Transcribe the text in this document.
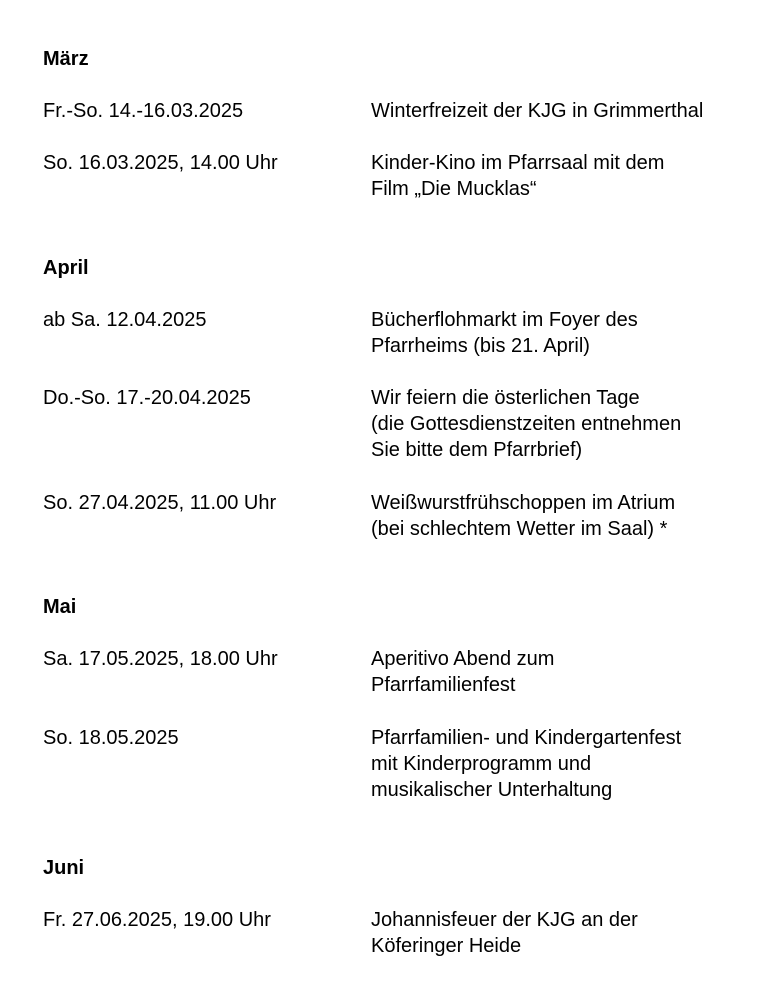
März
Fr.-So. 14.-16.03.2025	Winterfreizeit der KJG in Grimmerthal
So. 16.03.2025, 14.00 Uhr	Kinder-Kino im Pfarrsaal mit dem
Film „Die Mucklas“
April
ab Sa. 12.04.2025	Bücherflohmarkt im Foyer des
Pfarrheims (bis 21. April)
Do.-So. 17.-20.04.2025	Wir feiern die österlichen Tage
(die Gottesdienstzeiten entnehmen
Sie bitte dem Pfarrbrief)
So. 27.04.2025, 11.00 Uhr	Weißwurstfrühschoppen im Atrium
(bei schlechtem Wetter im Saal) *
Mai
Sa. 17.05.2025, 18.00 Uhr	Aperitivo Abend zum
Pfarrfamilienfest
So. 18.05.2025	Pfarrfamilien- und Kindergartenfest
mit Kinderprogramm und
musikalischer Unterhaltung
Juni
Fr. 27.06.2025, 19.00 Uhr	Johannisfeuer der KJG an der
Köferinger Heide
